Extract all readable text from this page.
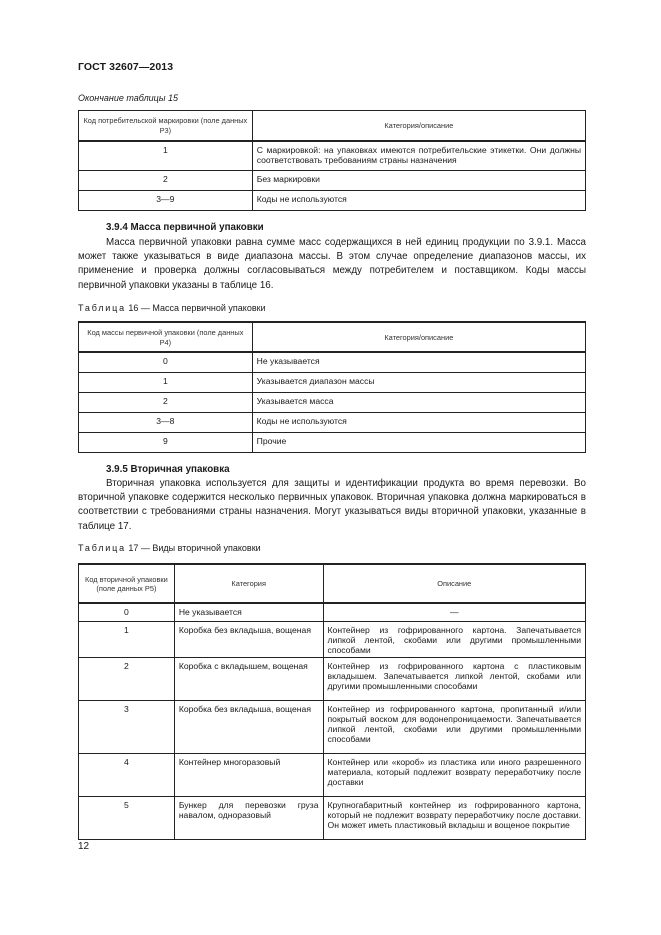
ГОСТ 32607—2013
Окончание таблицы 15
Код потребительской маркировки (поле данных P3)	Категория/описание
1	С маркировкой: на упаковках имеются потребительские этикетки. Они должны соответствовать требованиям страны назначения
2	Без маркировки
3—9	Коды не используются
3.9.4 Масса первичной упаковки
Масса первичной упаковки равна сумме масс содержащихся в ней единиц продукции по 3.9.1. Масса может также указываться в виде диапазона массы. В этом случае определение диапазонов массы, их применение и проверка должны согласовываться между потребителем и поставщиком. Коды массы первичной упаковки указаны в таблице 16.
Таблица 16 — Масса первичной упаковки
Код массы первичной упаковки (поле данных P4)	Категория/описание
0	Не указывается
1	Указывается диапазон массы
2	Указывается масса
3—8	Коды не используются
9	Прочие
3.9.5 Вторичная упаковка
Вторичная упаковка используется для защиты и идентификации продукта во время перевозки. Во вторичной упаковке содержится несколько первичных упаковок. Вторичная упаковка должна маркироваться в соответствии с требованиями страны назначения. Могут указываться виды вторичной упаковки, указанные в таблице 17.
Таблица 17 — Виды вторичной упаковки
Код вторичной упаковки (поле данных P5)	Категория	Описание
0	Не указывается	—
1	Коробка без вкладыша, вощеная	Контейнер из гофрированного картона. Запечатывается липкой лентой, скобами или другими промышленными способами
2	Коробка с вкладышем, вощеная	Контейнер из гофрированного картона с пластиковым вкладышем. Запечатывается липкой лентой, скобами или другими промышленными способами
3	Коробка без вкладыша, вощеная	Контейнер из гофрированного картона, пропитанный и/или покрытый воском для водонепроницаемости. Запечатывается липкой лентой, скобами или другими промышленными способами
4	Контейнер многоразовый	Контейнер или «короб» из пластика или иного разрешенного материала, который подлежит возврату переработчику после доставки
5	Бункер для перевозки груза навалом, одноразовый	Крупногабаритный контейнер из гофрированного картона, который не подлежит возврату переработчику после доставки. Он может иметь пластиковый вкладыш и вощеное покрытие
12
